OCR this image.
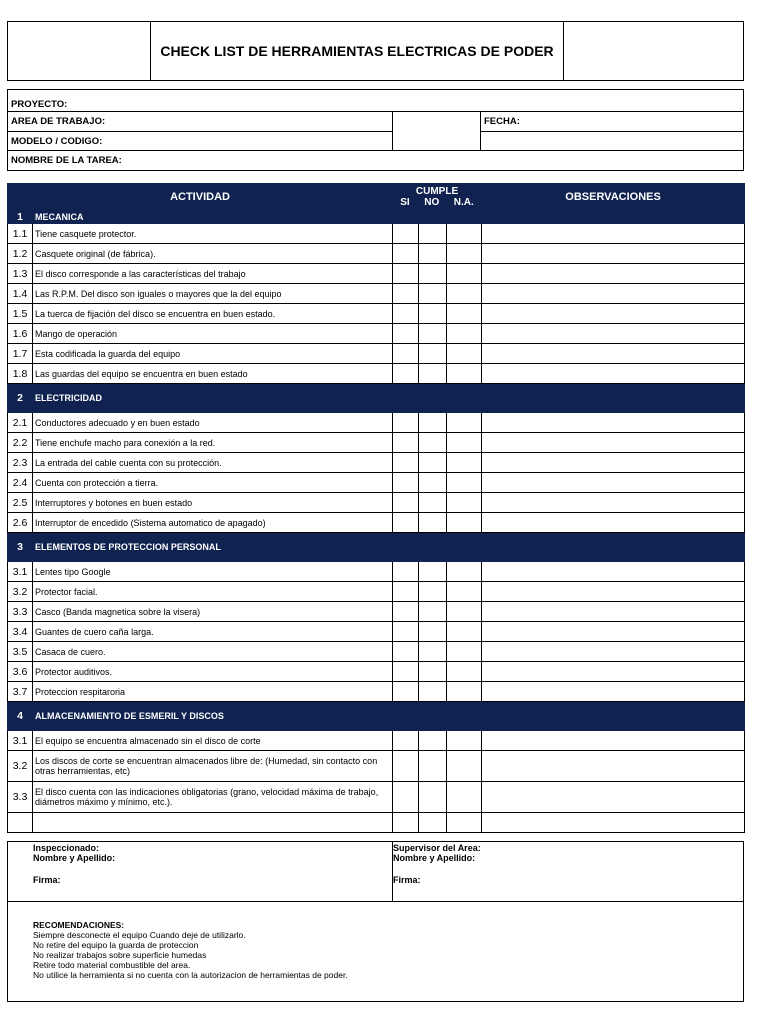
CHECK LIST DE HERRAMIENTAS ELECTRICAS DE PODER
PROYECTO:
AREA DE TRABAJO:	FECHA:
MODELO / CODIGO:
NOMBRE DE LA TAREA:
ACTIVIDAD		CUMPLE
SI NO N.A.			OBSERVACIONES
1	MECANICA				
1.1	Tiene casquete protector.				
1.2	Casquete original (de fábrica).				
1.3	El disco corresponde a las características del trabajo				
1.4	Las R.P.M. Del disco son iguales o mayores que la del equipo				
1.5	La tuerca de fijación del disco se encuentra en buen estado.				
1.6	Mango de operación				
1.7	Esta codificada la guarda del equipo				
1.8	Las guardas del equipo se encuentra en buen estado				
2	ELECTRICIDAD				
2.1	Conductores adecuado y en buen estado				
2.2	Tiene enchufe macho para conexión a la red.				
2.3	La entrada del cable cuenta con su protección.				
2.4	Cuenta con protección a tierra.				
2.5	Interruptores y botones en buen estado				
2.6	Interruptor de encedido (Sistema automatico de apagado)				
3	ELEMENTOS DE PROTECCION PERSONAL				
3.1	Lentes tipo Google				
3.2	Protector facial.				
3.3	Casco (Banda magnetica sobre la visera)				
3.4	Guantes de cuero caña larga.				
3.5	Casaca de cuero.				
3.6	Protector auditivos.				
3.7	Proteccion respitaroria				
4	ALMACENAMIENTO DE ESMERIL Y DISCOS				
3.1	El equipo se encuentra almacenado sin el disco de corte				
3.2	Los discos de corte se encuentran almacenados libre de: (Humedad, sin contacto con otras herramientas, etc)				
3.3	El disco cuenta con las indicaciones obligatorias (grano, velocidad máxima de trabajo, diámetros máximo y mínimo, etc.).				

Inspeccionado:
Nombre y Apellido:
Firma:
Supervisor del Area:
Nombre y Apellido:
Firma:
RECOMENDACIONES:
Siempre desconecte el equipo Cuando deje de utilizarlo.
No retire del equipo la guarda de proteccion
No realizar trabajos sobre superficie humedas
Retire todo material combustible del area.
No utilice la herramienta si no cuenta con la autorizacion de herramientas de poder.
